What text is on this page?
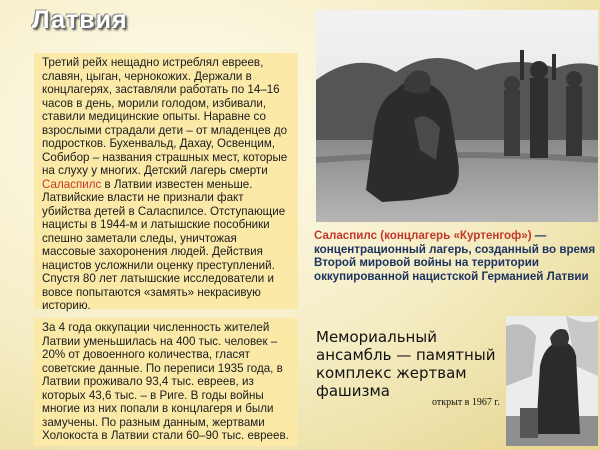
Латвия
Третий рейх нещадно истреблял евреев, славян, цыган, чернокожих. Держали в концлагерях, заставляли работать по 14–16 часов в день, морили голодом, избивали, ставили медицинские опыты. Наравне со взрослыми страдали дети – от младенцев до подростков. Бухенвальд, Дахау, Освенцим, Собибор – названия страшных мест, которые на слуху у многих. Детский лагерь смерти Саласпилс в Латвии известен меньше. Латвийские власти не признали факт убийства детей в Саласпилсе. Отступающие нацисты в 1944-м и латышские пособники спешно заметали следы, уничтожая массовые захоронения людей. Действия нацистов усложнили оценку преступлений. Спустя 80 лет латышские исследователи и вовсе попытаются «замять» некрасивую историю.
За 4 года оккупации численность жителей Латвии уменьшилась на 400 тыс. человек – 20% от довоенного количества, гласят советские данные. По переписи 1935 года, в Латвии проживало 93,4 тыс. евреев, из которых 43,6 тыс. – в Риге. В годы войны многие из них попали в концлагеря и были замучены. По разным данным, жертвами Холокоста в Латвии стали 60–90 тыс. евреев.
Саласпилс (концлагерь «Куртенгоф») — концентрационный лагерь, созданный во время Второй мировой войны на территории оккупированной нацистской Германией Латвии
Мемориальный ансамбль — памятный комплекс жертвам фашизма
открыт в 1967 г.
